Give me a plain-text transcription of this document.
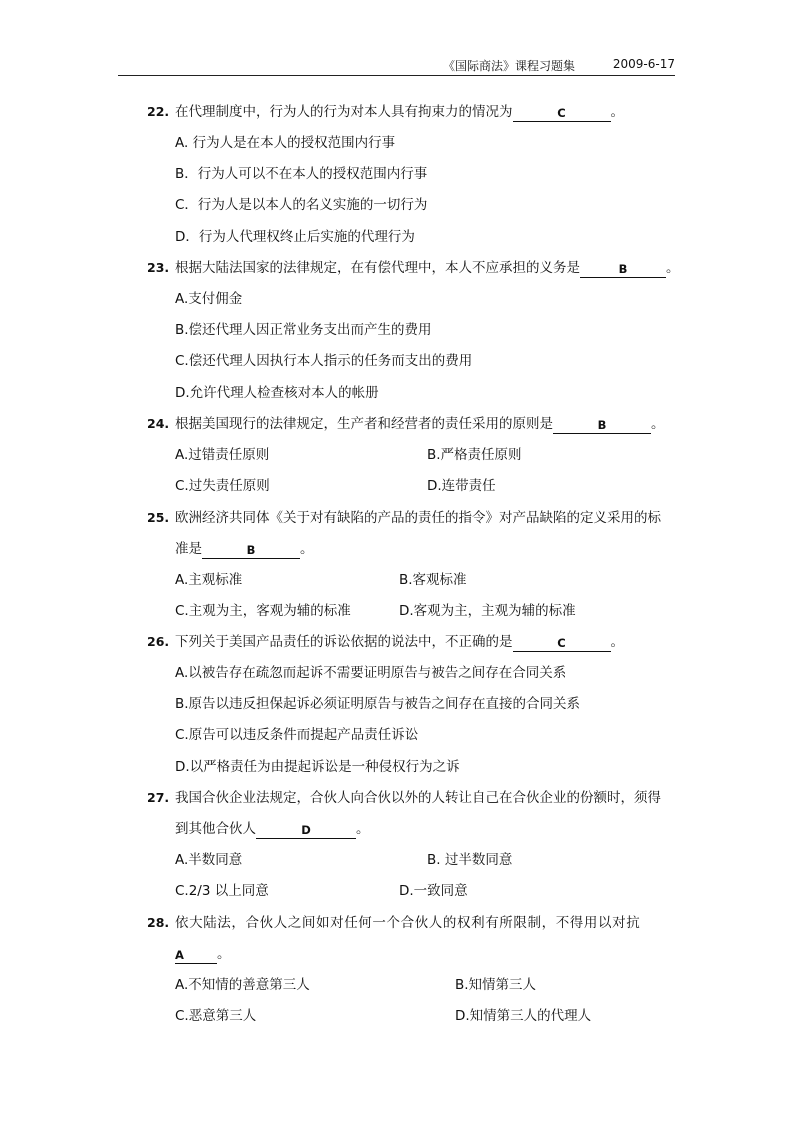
《国际商法》课程习题集	2009-6-17
22. 在代理制度中，行为人的行为对本人具有拘束力的情况为	C	。
A. 行为人是在本人的授权范围内行事
B．行为人可以不在本人的授权范围内行事
C．行为人是以本人的名义实施的一切行为
D．行为人代理权终止后实施的代理行为
23. 根据大陆法国家的法律规定，在有偿代理中，本人不应承担的义务是	B	。
A.支付佣金
B.偿还代理人因正常业务支出而产生的费用
C.偿还代理人因执行本人指示的任务而支出的费用
D.允许代理人检查核对本人的帐册
24. 根据美国现行的法律规定，生产者和经营者的责任采用的原则是	B	。
A.过错责任原则	B.严格责任原则
C.过失责任原则	D.连带责任
25. 欧洲经济共同体《关于对有缺陷的产品的责任的指令》对产品缺陷的定义采用的标
准是	B	。
A.主观标准	B.客观标准
C.主观为主，客观为辅的标准	D.客观为主，主观为辅的标准
26. 下列关于美国产品责任的诉讼依据的说法中，不正确的是	C	。
A.以被告存在疏忽而起诉不需要证明原告与被告之间存在合同关系
B.原告以违反担保起诉必须证明原告与被告之间存在直接的合同关系
C.原告可以违反条件而提起产品责任诉讼
D.以严格责任为由提起诉讼是一种侵权行为之诉
27. 我国合伙企业法规定，合伙人向合伙以外的人转让自己在合伙企业的份额时，须得
到其他合伙人	D	。
A.半数同意	B. 过半数同意
C.2/3 以上同意	D.一致同意
28. 依大陆法，合伙人之间如对任何一个合伙人的权利有所限制，不得用以对抗
A 。
A.不知情的善意第三人	B.知情第三人
C.恶意第三人	D.知情第三人的代理人
